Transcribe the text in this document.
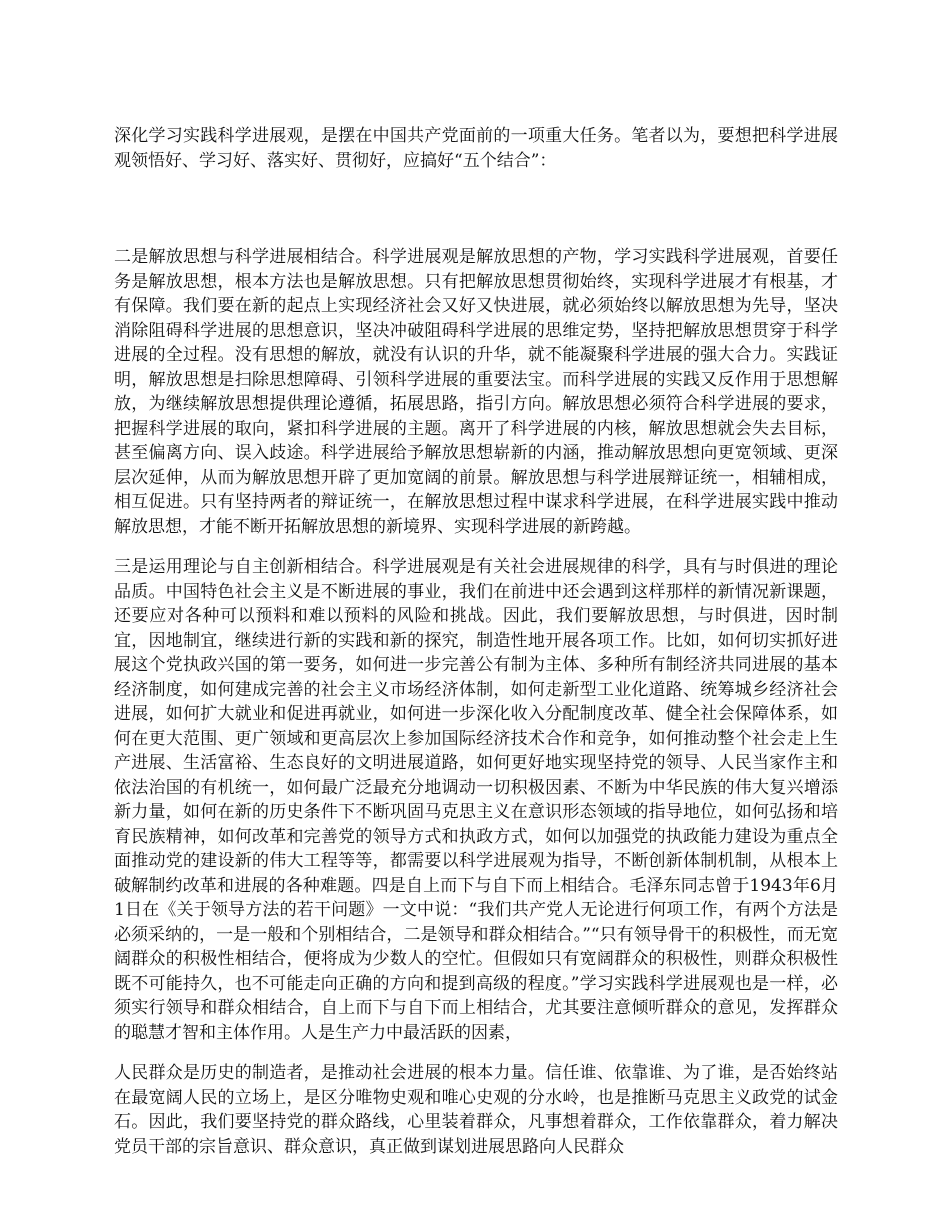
深化学习实践科学进展观，是摆在中国共产党面前的一项重大任务。笔者以为，要想把科学进展观领悟好、学习好、落实好、贯彻好，应搞好“五个结合”：

二是解放思想与科学进展相结合。科学进展观是解放思想的产物，学习实践科学进展观，首要任务是解放思想，根本方法也是解放思想。只有把解放思想贯彻始终，实现科学进展才有根基，才有保障。我们要在新的起点上实现经济社会又好又快进展，就必须始终以解放思想为先导，坚决消除阻碍科学进展的思想意识，坚决冲破阻碍科学进展的思维定势，坚持把解放思想贯穿于科学进展的全过程。没有思想的解放，就没有认识的升华，就不能凝聚科学进展的强大合力。实践证明，解放思想是扫除思想障碍、引领科学进展的重要法宝。而科学进展的实践又反作用于思想解放，为继续解放思想提供理论遵循，拓展思路，指引方向。解放思想必须符合科学进展的要求，把握科学进展的取向，紧扣科学进展的主题。离开了科学进展的内核，解放思想就会失去目标，甚至偏离方向、误入歧途。科学进展给予解放思想崭新的内涵，推动解放思想向更宽领域、更深层次延伸，从而为解放思想开辟了更加宽阔的前景。解放思想与科学进展辩证统一，相辅相成，相互促进。只有坚持两者的辩证统一，在解放思想过程中谋求科学进展，在科学进展实践中推动解放思想，才能不断开拓解放思想的新境界、实现科学进展的新跨越。

三是运用理论与自主创新相结合。科学进展观是有关社会进展规律的科学，具有与时俱进的理论品质。中国特色社会主义是不断进展的事业，我们在前进中还会遇到这样那样的新情况新课题，还要应对各种可以预料和难以预料的风险和挑战。因此，我们要解放思想，与时俱进，因时制宜，因地制宜，继续进行新的实践和新的探究，制造性地开展各项工作。比如，如何切实抓好进展这个党执政兴国的第一要务，如何进一步完善公有制为主体、多种所有制经济共同进展的基本经济制度，如何建成完善的社会主义市场经济体制，如何走新型工业化道路、统筹城乡经济社会进展，如何扩大就业和促进再就业，如何进一步深化收入分配制度改革、健全社会保障体系，如何在更大范围、更广领域和更高层次上参加国际经济技术合作和竞争，如何推动整个社会走上生产进展、生活富裕、生态良好的文明进展道路，如何更好地实现坚持党的领导、人民当家作主和依法治国的有机统一，如何最广泛最充分地调动一切积极因素、不断为中华民族的伟大复兴增添新力量，如何在新的历史条件下不断巩固马克思主义在意识形态领域的指导地位，如何弘扬和培育民族精神，如何改革和完善党的领导方式和执政方式，如何以加强党的执政能力建设为重点全面推动党的建设新的伟大工程等等，都需要以科学进展观为指导，不断创新体制机制，从根本上破解制约改革和进展的各种难题。四是自上而下与自下而上相结合。毛泽东同志曾于1943年6月1日在《关于领导方法的若干问题》一文中说：“我们共产党人无论进行何项工作，有两个方法是必须采纳的，一是一般和个别相结合，二是领导和群众相结合。”“只有领导骨干的积极性，而无宽阔群众的积极性相结合，便将成为少数人的空忙。但假如只有宽阔群众的积极性，则群众积极性既不可能持久，也不可能走向正确的方向和提到高级的程度。”学习实践科学进展观也是一样，必须实行领导和群众相结合，自上而下与自下而上相结合，尤其要注意倾听群众的意见，发挥群众的聪慧才智和主体作用。人是生产力中最活跃的因素，

人民群众是历史的制造者，是推动社会进展的根本力量。信任谁、依靠谁、为了谁，是否始终站在最宽阔人民的立场上，是区分唯物史观和唯心史观的分水岭，也是推断马克思主义政党的试金石。因此，我们要坚持党的群众路线，心里装着群众，凡事想着群众，工作依靠群众，着力解决党员干部的宗旨意识、群众意识，真正做到谋划进展思路向人民群众
